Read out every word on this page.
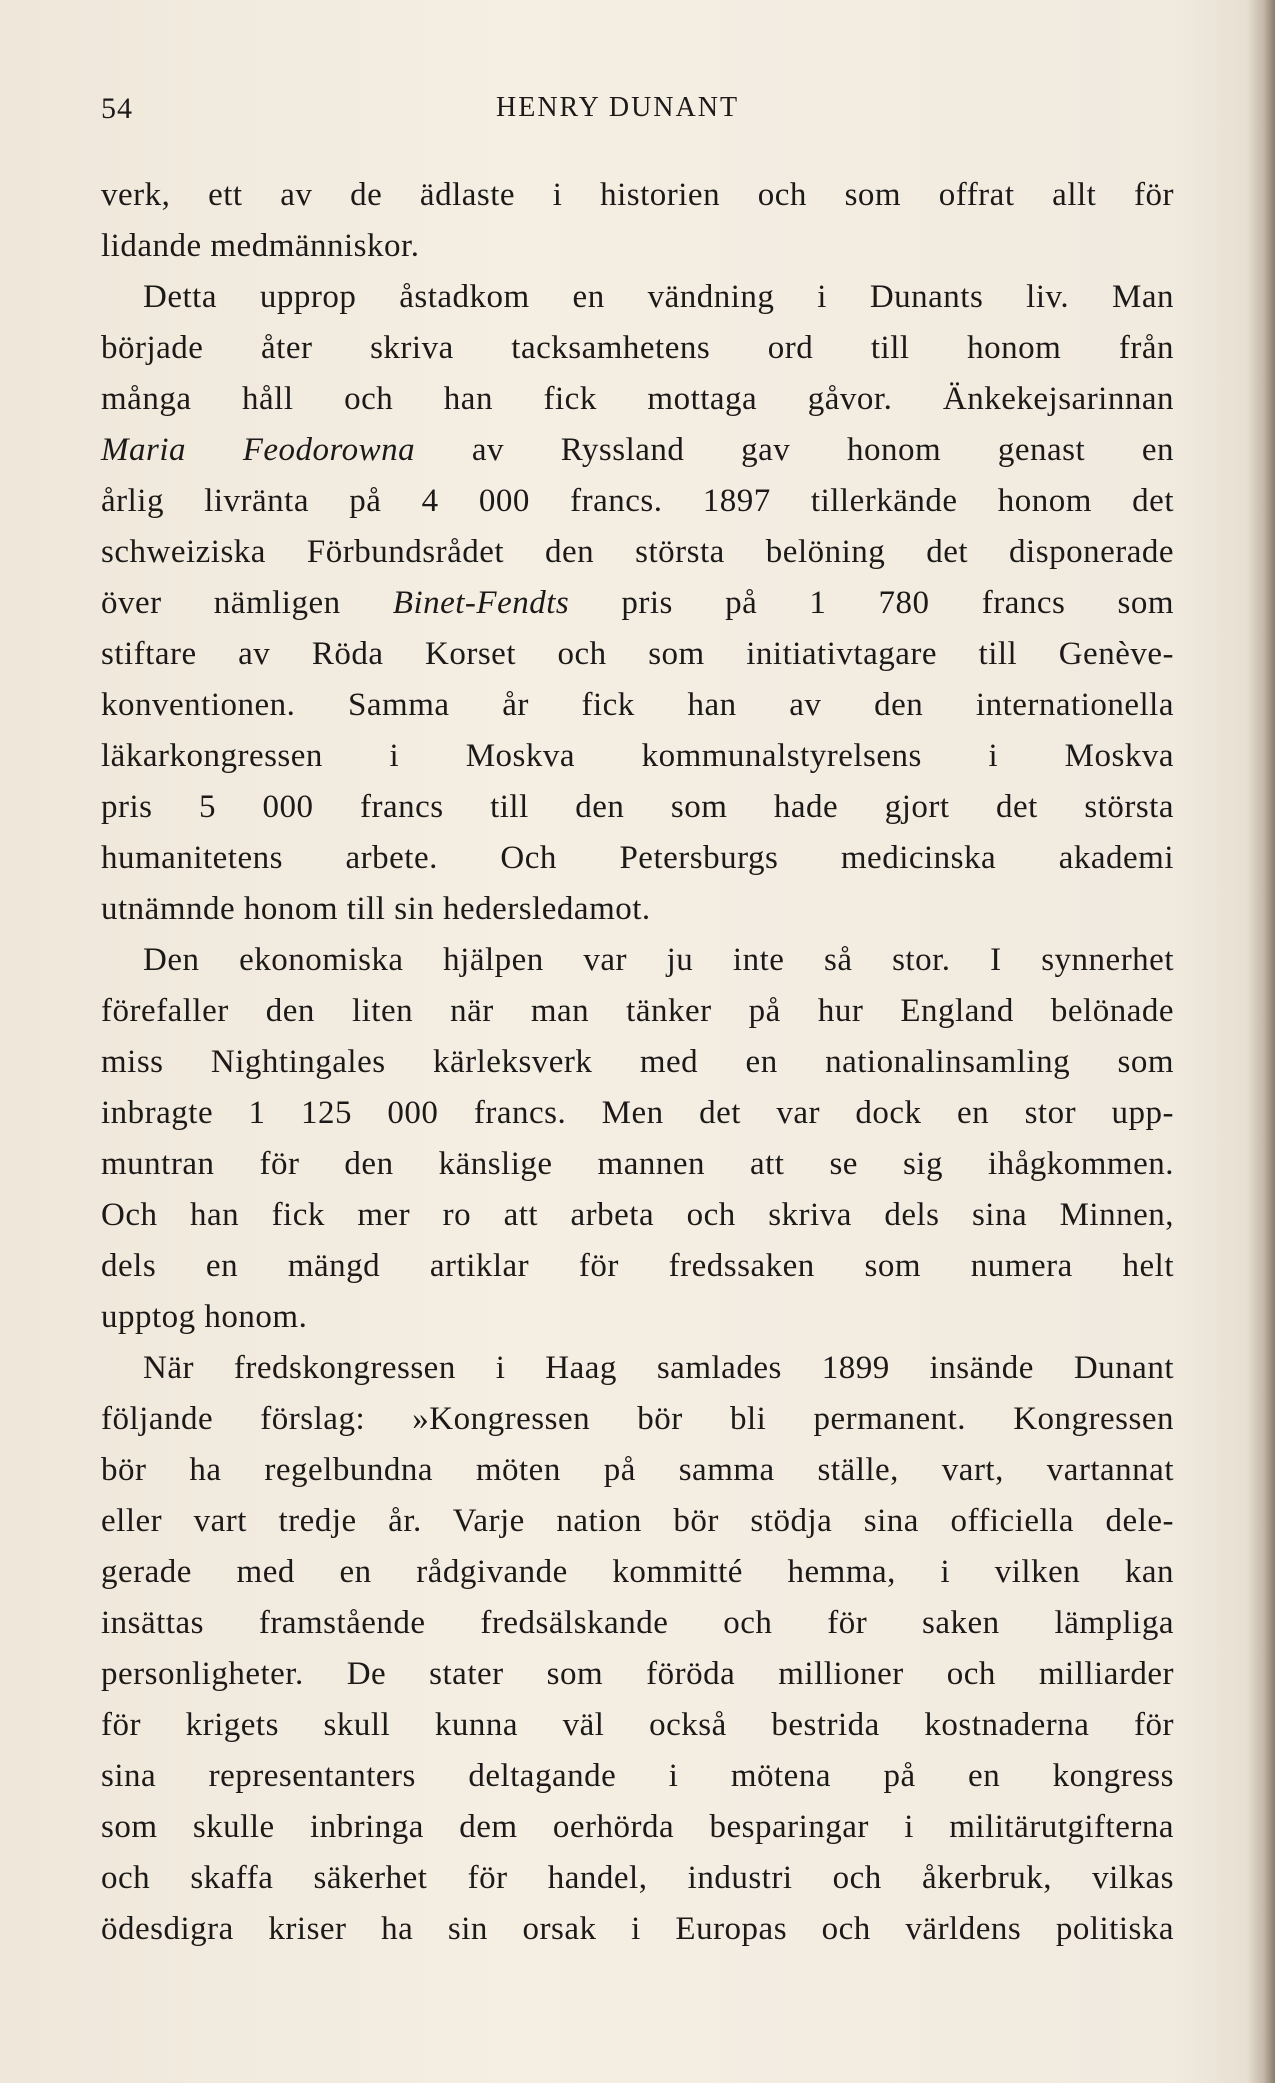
54	HENRY DUNANT
verk, ett av de ädlaste i historien och som offrat allt för
lidande medmänniskor.
Detta upprop åstadkom en vändning i Dunants liv. Man
började åter skriva tacksamhetens ord till honom från
många håll och han fick mottaga gåvor. Änkekejsarinnan
Maria Feodorowna av Ryssland gav honom genast en
årlig livränta på 4 000 francs. 1897 tillerkände honom det
schweiziska Förbundsrådet den största belöning det disponerade
över nämligen Binet-Fendts pris på 1 780 francs som
stiftare av Röda Korset och som initiativtagare till Genève-
konventionen. Samma år fick han av den internationella
läkarkongressen i Moskva kommunalstyrelsens i Moskva
pris 5 000 francs till den som hade gjort det största
humanitetens arbete. Och Petersburgs medicinska akademi
utnämnde honom till sin hedersledamot.
Den ekonomiska hjälpen var ju inte så stor. I synnerhet
förefaller den liten när man tänker på hur England belönade
miss Nightingales kärleksverk med en nationalinsamling som
inbragte 1 125 000 francs. Men det var dock en stor upp-
muntran för den känslige mannen att se sig ihågkommen.
Och han fick mer ro att arbeta och skriva dels sina Minnen,
dels en mängd artiklar för fredssaken som numera helt
upptog honom.
När fredskongressen i Haag samlades 1899 insände Dunant
följande förslag: »Kongressen bör bli permanent. Kongressen
bör ha regelbundna möten på samma ställe, vart, vartannat
eller vart tredje år. Varje nation bör stödja sina officiella dele-
gerade med en rådgivande kommitté hemma, i vilken kan
insättas framstående fredsälskande och för saken lämpliga
personligheter. De stater som föröda millioner och milliarder
för krigets skull kunna väl också bestrida kostnaderna för
sina representanters deltagande i mötena på en kongress
som skulle inbringa dem oerhörda besparingar i militärutgifterna
och skaffa säkerhet för handel, industri och åkerbruk, vilkas
ödesdigra kriser ha sin orsak i Europas och världens politiska
